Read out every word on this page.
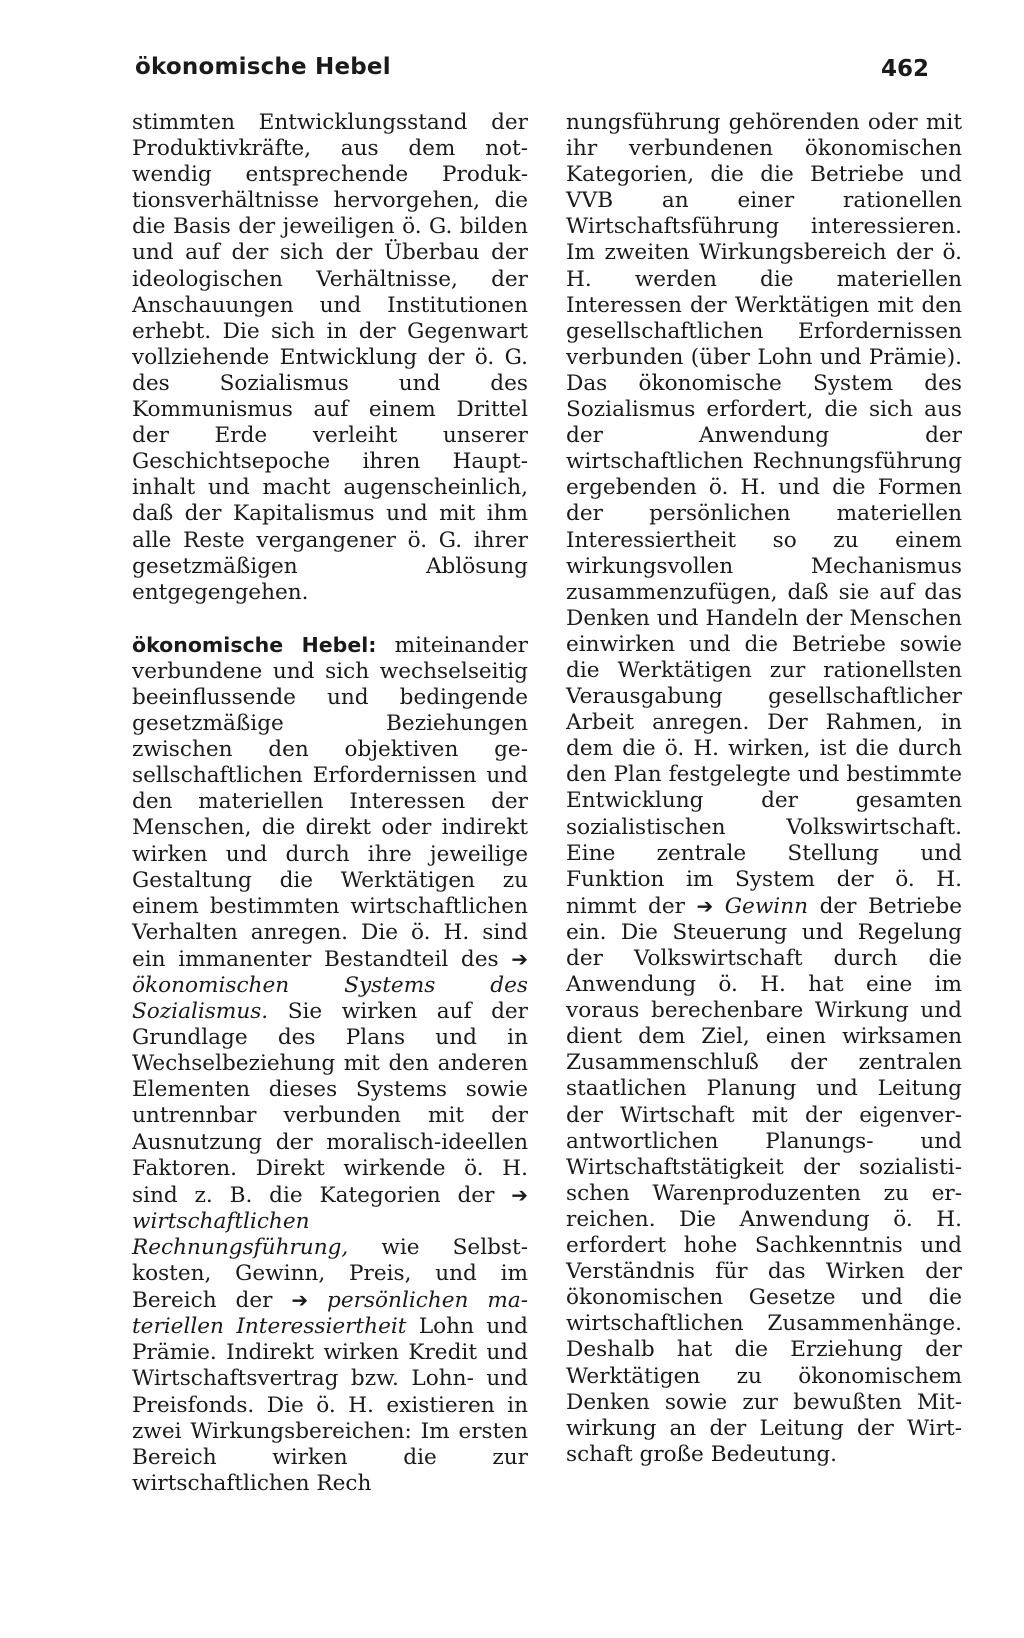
ökonomische Hebel	462

stimmten Entwicklungsstand der Produktivkräfte, aus dem notwendig entsprechende Produktionsverhältnisse hervorgehen, die die Basis der jeweiligen ö. G. bilden und auf der sich der Überbau der ideologischen Verhältnisse, der Anschauungen und Institutionen erhebt. Die sich in der Gegenwart vollziehende Entwicklung der ö. G. des Sozialismus und des Kommunismus auf einem Drittel der Erde verleiht unserer Geschichtsepoche ihren Hauptinhalt und macht augenscheinlich, daß der Kapitalismus und mit ihm alle Reste vergangener ö. G. ihrer gesetzmäßigen Ablösung entgegengehen.

ökonomische Hebel: miteinander verbundene und sich wechselseitig beeinflussende und bedingende gesetzmäßige Beziehungen zwischen den objektiven gesellschaftlichen Erfordernissen und den materiellen Interessen der Menschen, die direkt oder indirekt wirken und durch ihre jeweilige Gestaltung die Werktätigen zu einem bestimmten wirtschaftlichen Verhalten anregen. Die ö. H. sind ein immanenter Bestandteil des ➔ ökonomischen Systems des Sozialismus. Sie wirken auf der Grundlage des Plans und in Wechselbeziehung mit den anderen Elementen dieses Systems sowie untrennbar verbunden mit der Ausnutzung der moralisch-ideellen Faktoren. Direkt wirkende ö. H. sind z. B. die Kategorien der ➔ wirtschaftlichen Rechnungsführung, wie Selbstkosten, Gewinn, Preis, und im Bereich der ➔ persönlichen materiellen Interessiertheit Lohn und Prämie. Indirekt wirken Kredit und Wirtschaftsvertrag bzw. Lohn- und Preisfonds. Die ö. H. existieren in zwei Wirkungsbereichen: Im ersten Bereich wirken die zur wirtschaftlichen Rech

nungsführung gehörenden oder mit ihr verbundenen ökonomischen Kategorien, die die Betriebe und VVB an einer rationellen Wirtschaftsführung interessieren. Im zweiten Wirkungsbereich der ö. H. werden die materiellen Interessen der Werktätigen mit den gesellschaftlichen Erfordernissen verbunden (über Lohn und Prämie). Das ökonomische System des Sozialismus erfordert, die sich aus der Anwendung der wirtschaftlichen Rechnungsführung ergebenden ö. H. und die Formen der persönlichen materiellen Interessiertheit so zu einem wirkungsvollen Mechanismus zusammenzufügen, daß sie auf das Denken und Handeln der Menschen einwirken und die Betriebe sowie die Werktätigen zur rationellsten Verausgabung gesellschaftlicher Arbeit anregen. Der Rahmen, in dem die ö. H. wirken, ist die durch den Plan festgelegte und bestimmte Entwicklung der gesamten sozialistischen Volkswirtschaft. Eine zentrale Stellung und Funktion im System der ö. H. nimmt der ➔ Gewinn der Betriebe ein. Die Steuerung und Regelung der Volkswirtschaft durch die Anwendung ö. H. hat eine im voraus berechenbare Wirkung und dient dem Ziel, einen wirksamen Zusammenschluß der zentralen staatlichen Planung und Leitung der Wirtschaft mit der eigenverantwortlichen Planungs- und Wirtschaftstätigkeit der sozialistischen Warenproduzenten zu erreichen. Die Anwendung ö. H. erfordert hohe Sachkenntnis und Verständnis für das Wirken der ökonomischen Gesetze und die wirtschaftlichen Zusammenhänge. Deshalb hat die Erziehung der Werktätigen zu ökonomischem Denken sowie zur bewußten Mitwirkung an der Leitung der Wirtschaft große Bedeutung.
